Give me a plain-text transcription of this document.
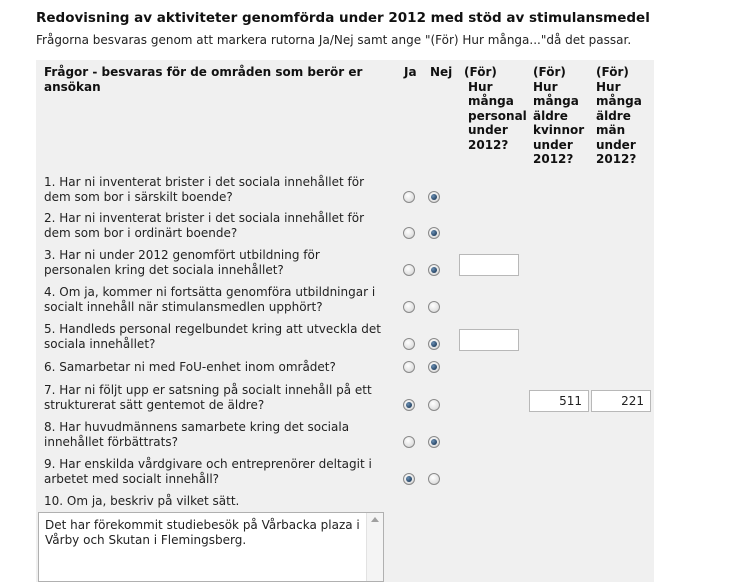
Redovisning av aktiviteter genomförda under 2012 med stöd av stimulansmedel
Frågorna besvaras genom att markera rutorna Ja/Nej samt ange "(För) Hur många..."då det passar.
Frågor - besvaras för de områden som berör er ansökan
Ja Nej (För)
Hur
många
personal
under
2012?
(För)
Hur
många
äldre
kvinnor
under
2012?
(För)
Hur
många
äldre
män
under
2012?
1. Har ni inventerat brister i det sociala innehållet för dem som bor i särskilt boende?
2. Har ni inventerat brister i det sociala innehållet för dem som bor i ordinärt boende?
3. Har ni under 2012 genomfört utbildning för personalen kring det sociala innehållet?
4. Om ja, kommer ni fortsätta genomföra utbildningar i socialt innehåll när stimulansmedlen upphört?
5. Handleds personal regelbundet kring att utveckla det sociala innehållet?
6. Samarbetar ni med FoU-enhet inom området?
7. Har ni följt upp er satsning på socialt innehåll på ett strukturerat sätt gentemot de äldre?	511	221
8. Har huvudmännens samarbete kring det sociala innehållet förbättrats?
9. Har enskilda vårdgivare och entreprenörer deltagit i arbetet med socialt innehåll?
10. Om ja, beskriv på vilket sätt.
Det har förekommit studiebesök på Vårbacka plaza i Vårby och Skutan i Flemingsberg.
